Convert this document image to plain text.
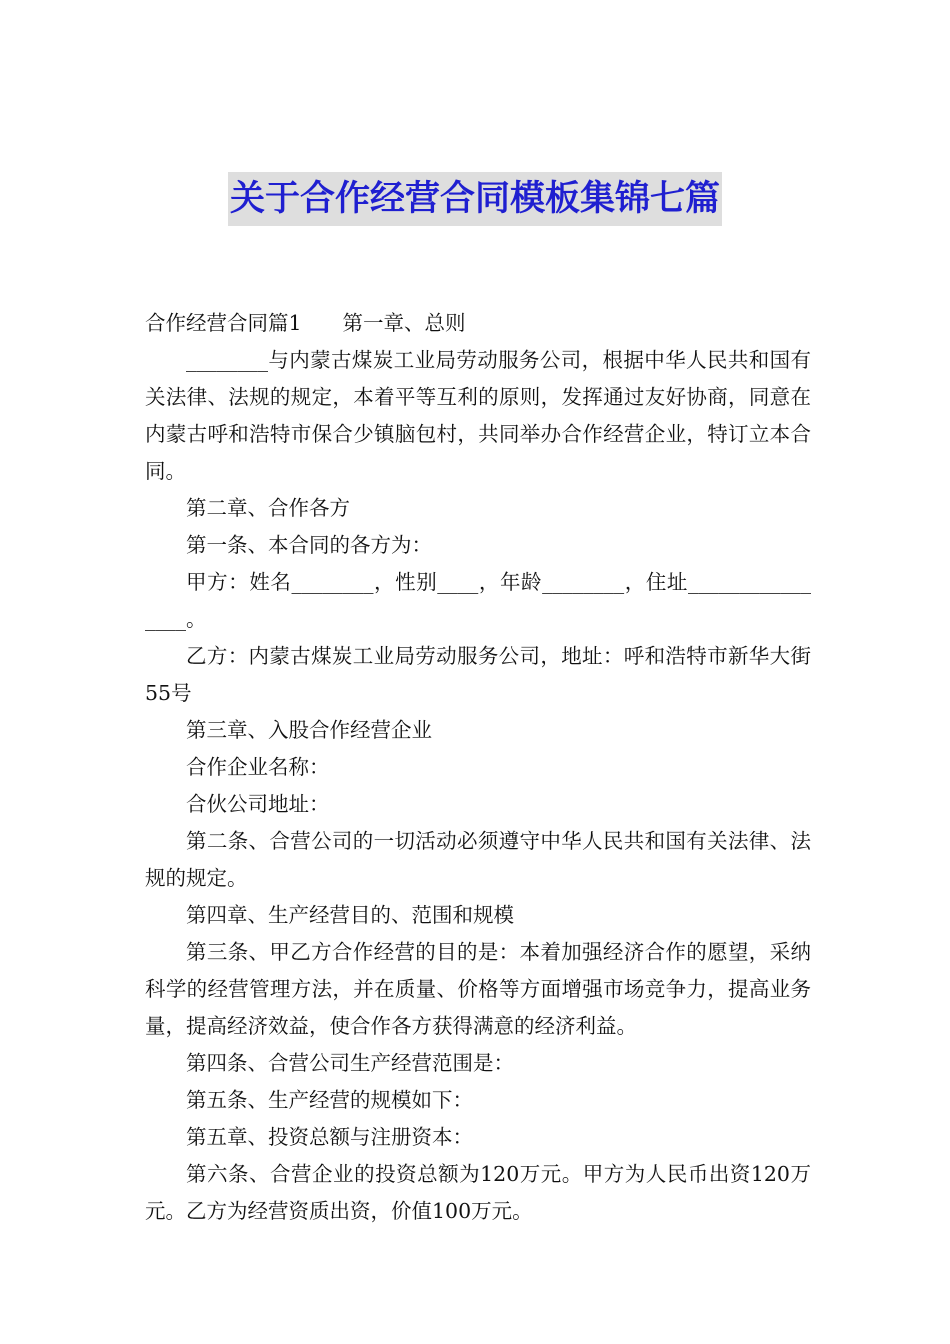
关于合作经营合同模板集锦七篇

合作经营合同篇1　　第一章、总则

________与内蒙古煤炭工业局劳动服务公司，根据中华人民共和国有关法律、法规的规定，本着平等互利的原则，发挥通过友好协商，同意在内蒙古呼和浩特市保合少镇脑包村，共同举办合作经营企业，特订立本合同。

第二章、合作各方

第一条、本合同的各方为：

甲方：姓名________，性别____，年龄________，住址________________。

乙方：内蒙古煤炭工业局劳动服务公司，地址：呼和浩特市新华大街55号

第三章、入股合作经营企业

合作企业名称：

合伙公司地址：

第二条、合营公司的一切活动必须遵守中华人民共和国有关法律、法规的规定。

第四章、生产经营目的、范围和规模

第三条、甲乙方合作经营的目的是：本着加强经济合作的愿望，采纳科学的经营管理方法，并在质量、价格等方面增强市场竞争力，提高业务量，提高经济效益，使合作各方获得满意的经济利益。

第四条、合营公司生产经营范围是：

第五条、生产经营的规模如下：

第五章、投资总额与注册资本：

第六条、合营企业的投资总额为120万元。甲方为人民币出资120万元。乙方为经营资质出资，价值100万元。
